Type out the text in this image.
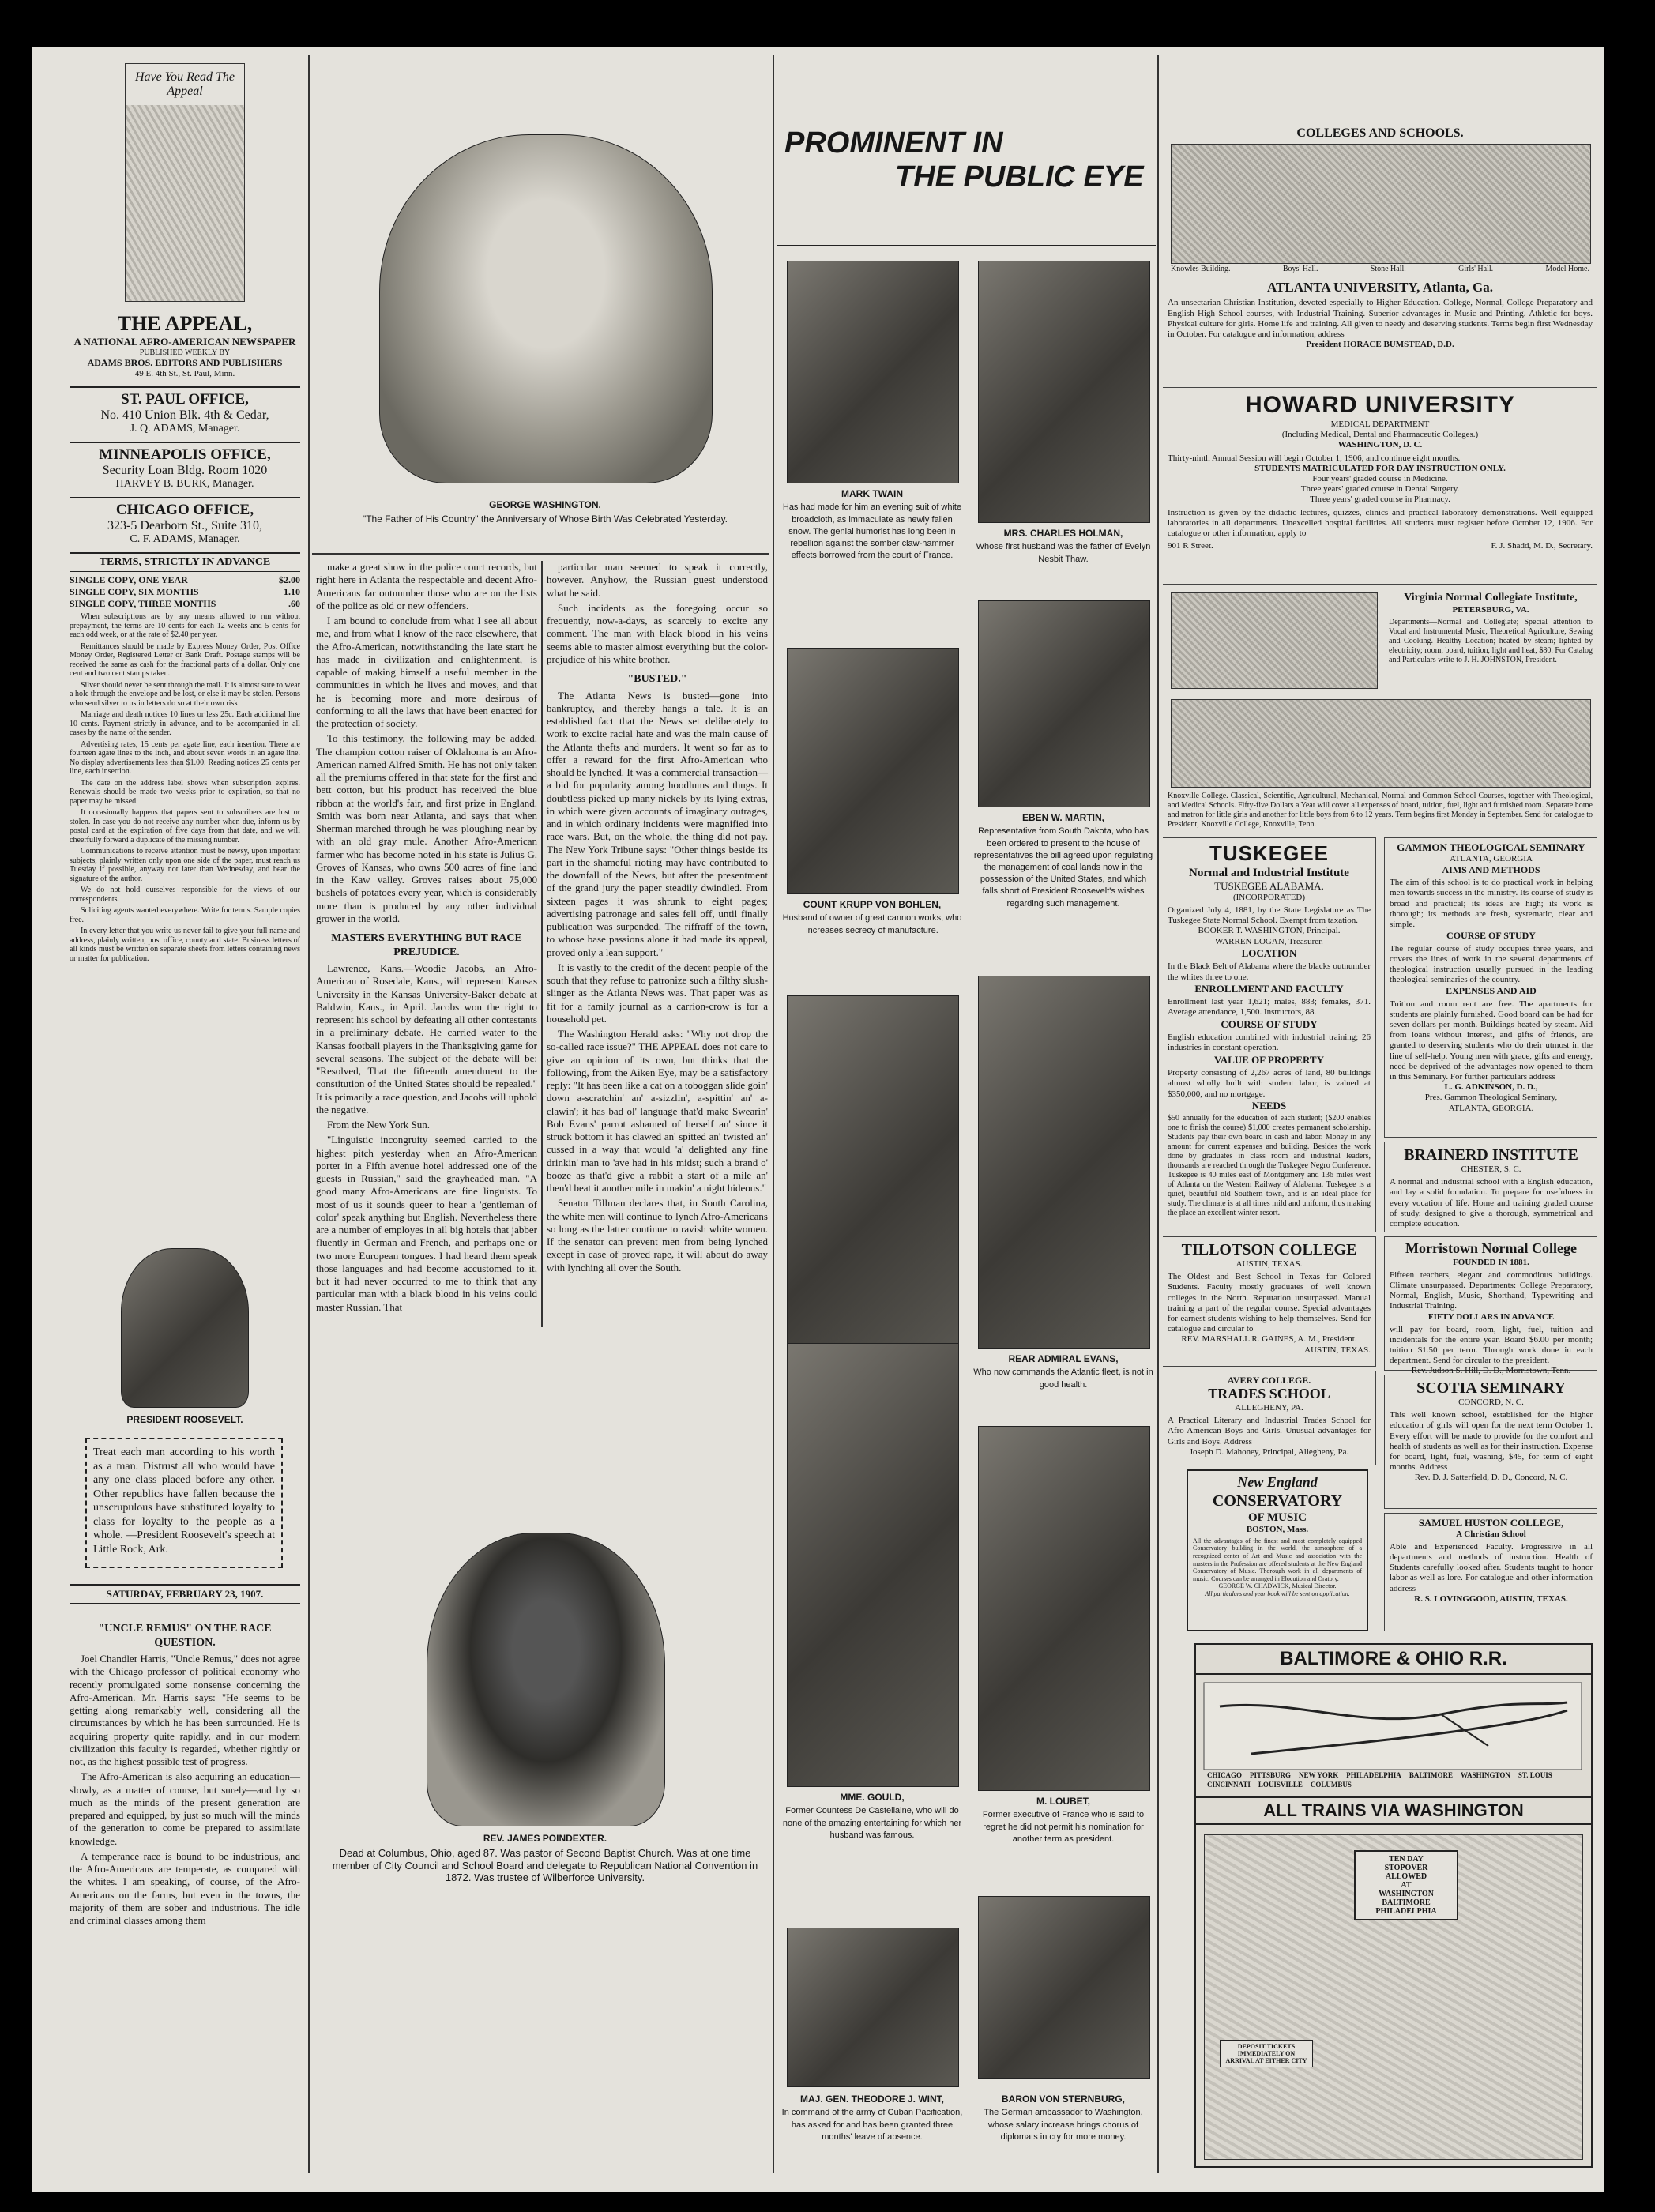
Have You Read The Appeal
THE APPEAL,
A NATIONAL AFRO-AMERICAN NEWSPAPER
PUBLISHED WEEKLY BY
ADAMS BROS. EDITORS AND PUBLISHERS
49 E. 4th St., St. Paul, Minn.
ST. PAUL OFFICE,
No. 410 Union Blk. 4th & Cedar,
J. Q. ADAMS, Manager.
MINNEAPOLIS OFFICE,
Security Loan Bldg. Room 1020
HARVEY B. BURK, Manager.
CHICAGO OFFICE,
323-5 Dearborn St., Suite 310,
C. F. ADAMS, Manager.
TERMS, STRICTLY IN ADVANCE
SINGLE COPY, ONE YEAR	$2.00
SINGLE COPY, SIX MONTHS	1.10
SINGLE COPY, THREE MONTHS	.60

When subscriptions are by any means allowed to run without prepayment, the terms are 10 cents for each 12 weeks and 5 cents for each odd week, or at the rate of $2.40 per year.

Remittances should be made by Express Money Order, Post Office Money Order, Registered Letter or Bank Draft. Postage stamps will be received the same as cash for the fractional parts of a dollar. Only one cent and two cent stamps taken.

Silver should never be sent through the mail. It is almost sure to wear a hole through the envelope and be lost, or else it may be stolen. Persons who send silver to us in letters do so at their own risk.

Marriage and death notices 10 lines or less 25c. Each additional line 10 cents. Payment strictly in advance, and to be accompanied in all cases by the name of the sender.

Advertising rates, 15 cents per agate line, each insertion. There are fourteen agate lines to the inch, and about seven words in an agate line. No display advertisements less than $1.00. Reading notices 25 cents per line, each insertion.

The date on the address label shows when subscription expires. Renewals should be made two weeks prior to expiration, so that no paper may be missed.

It occasionally happens that papers sent to subscribers are lost or stolen. In case you do not receive any number when due, inform us by postal card at the expiration of five days from that date, and we will cheerfully forward a duplicate of the missing number.

Communications to receive attention must be newsy, upon important subjects, plainly written only upon one side of the paper, must reach us Tuesday if possible, anyway not later than Wednesday, and bear the signature of the author.

We do not hold ourselves responsible for the views of our correspondents.

Soliciting agents wanted everywhere. Write for terms. Sample copies free.

In every letter that you write us never fail to give your full name and address, plainly written, post office, county and state. Business letters of all kinds must be written on separate sheets from letters containing news or matter for publication.

PRESIDENT ROOSEVELT.
Treat each man according to his worth as a man. Distrust all who would have any one class placed before any other. Other republics have fallen because the unscrupulous have substituted loyalty to class for loyalty to the people as a whole. —President Roosevelt's speech at Little Rock, Ark.
SATURDAY, FEBRUARY 23, 1907.
"UNCLE REMUS" ON THE RACE QUESTION.

Joel Chandler Harris, "Uncle Remus," does not agree with the Chicago professor of political economy who recently promulgated some nonsense concerning the Afro-American. Mr. Harris says: "He seems to be getting along remarkably well, considering all the circumstances by which he has been surrounded. He is acquiring property quite rapidly, and in our modern civilization this faculty is regarded, whether rightly or not, as the highest possible test of progress.

The Afro-American is also acquiring an education—slowly, as a matter of course, but surely—and by so much as the minds of the present generation are prepared and equipped, by just so much will the minds of the generation to come be prepared to assimilate knowledge.

A temperance race is bound to be industrious, and the Afro-Americans are temperate, as compared with the whites. I am speaking, of course, of the Afro-Americans on the farms, but even in the towns, the majority of them are sober and industrious. The idle and criminal classes among them

GEORGE WASHINGTON.
"The Father of His Country" the Anniversary of Whose Birth Was Celebrated Yesterday.

make a great show in the police court records, but right here in Atlanta the respectable and decent Afro-Americans far outnumber those who are on the lists of the police as old or new offenders.

I am bound to conclude from what I see all about me, and from what I know of the race elsewhere, that the Afro-American, notwithstanding the late start he has made in civilization and enlightenment, is capable of making himself a useful member in the communities in which he lives and moves, and that he is becoming more and more desirous of conforming to all the laws that have been enacted for the protection of society.

To this testimony, the following may be added. The champion cotton raiser of Oklahoma is an Afro-American named Alfred Smith. He has not only taken all the premiums offered in that state for the first and bett cotton, but his product has received the blue ribbon at the world's fair, and first prize in England. Smith was born near Atlanta, and says that when Sherman marched through he was ploughing near by with an old gray mule. Another Afro-American farmer who has become noted in his state is Julius G. Groves of Kansas, who owns 500 acres of fine land in the Kaw valley. Groves raises about 75,000 bushels of potatoes every year, which is considerably more than is produced by any other individual grower in the world.

MASTERS EVERYTHING BUT RACE PREJUDICE.

Lawrence, Kans.—Woodie Jacobs, an Afro-American of Rosedale, Kans., will represent Kansas University in the Kansas University-Baker debate at Baldwin, Kans., in April. Jacobs won the right to represent his school by defeating all other contestants in a preliminary debate. He carried water to the Kansas football players in the Thanksgiving game for several seasons. The subject of the debate will be: "Resolved, That the fifteenth amendment to the constitution of the United States should be repealed." It is primarily a race question, and Jacobs will uphold the negative.

From the New York Sun.

"Linguistic incongruity seemed carried to the highest pitch yesterday when an Afro-American porter in a Fifth avenue hotel addressed one of the guests in Russian," said the grayheaded man. "A good many Afro-Americans are fine linguists. To most of us it sounds queer to hear a 'gentleman of color' speak anything but English. Nevertheless there are a number of employes in all big hotels that jabber fluently in German and French, and perhaps one or two more European tongues. I had heard them speak those languages and had become accustomed to it, but it had never occurred to me to think that any particular man with a black blood in his veins could master Russian. That

particular man seemed to speak it correctly, however. Anyhow, the Russian guest understood what he said.

Such incidents as the foregoing occur so frequently, now-a-days, as scarcely to excite any comment. The man with black blood in his veins seems able to master almost everything but the color-prejudice of his white brother.

"BUSTED."

The Atlanta News is busted—gone into bankruptcy, and thereby hangs a tale. It is an established fact that the News set deliberately to work to excite racial hate and was the main cause of the Atlanta thefts and murders. It went so far as to offer a reward for the first Afro-American who should be lynched. It was a commercial transaction—a bid for popularity among hoodlums and thugs. It doubtless picked up many nickels by its lying extras, in which were given accounts of imaginary outrages, and in which ordinary incidents were magnified into race wars. But, on the whole, the thing did not pay. The New York Tribune says: "Other things beside its part in the shameful rioting may have contributed to the downfall of the News, but after the presentment of the grand jury the paper steadily dwindled. From sixteen pages it was shrunk to eight pages; advertising patronage and sales fell off, until finally publication was surpended. The riffraff of the town, to whose base passions alone it had made its appeal, proved only a lean support."

It is vastly to the credit of the decent people of the south that they refuse to patronize such a filthy slush-slinger as the Atlanta News was. That paper was as fit for a family journal as a carrion-crow is for a household pet.

The Washington Herald asks: "Why not drop the so-called race issue?" THE APPEAL does not care to give an opinion of its own, but thinks that the following, from the Aiken Eye, may be a satisfactory reply: "It has been like a cat on a toboggan slide goin' down a-scratchin' an' a-sizzlin', a-spittin' an' a-clawin'; it has bad ol' language that'd make Swearin' Bob Evans' parrot ashamed of herself an' since it struck bottom it has clawed an' spitted an' twisted an' cussed in a way that would 'a' delighted any fine drinkin' man to 'ave had in his midst; such a brand o' booze as that'd give a rabbit a start of a mile an' then'd beat it another mile in makin' a night hideous."

Senator Tillman declares that, in South Carolina, the white men will continue to lynch Afro-Americans so long as the latter continue to ravish white women. If the senator can prevent men from being lynched except in case of proved rape, it will about do away with lynching all over the South.

REV. JAMES POINDEXTER.
Dead at Columbus, Ohio, aged 87. Was pastor of Second Baptist Church. Was at one time member of City Council and School Board and delegate to Republican National Convention in 1872. Was trustee of Wilberforce University.
PROMINENT IN
THE PUBLIC EYE
MARK TWAIN
Has had made for him an evening suit of white broadcloth, as immaculate as newly fallen snow. The genial humorist has long been in rebellion against the somber claw-hammer effects borrowed from the court of France.
MRS. CHARLES HOLMAN,
Whose first husband was the father of Evelyn Nesbit Thaw.
COUNT KRUPP VON BOHLEN,
Husband of owner of great cannon works, who increases secrecy of manufacture.
EBEN W. MARTIN,
Representative from South Dakota, who has been ordered to present to the house of representatives the bill agreed upon regulating the management of coal lands now in the possession of the United States, and which falls short of President Roosevelt's wishes regarding such management.
REAR ADMIRAL EVANS,
Who now commands the Atlantic fleet, is not in good health.
MME. GOULD,
Former Countess De Castellaine, who will do none of the amazing entertaining for which her husband was famous.
M. LOUBET,
Former executive of France who is said to regret he did not permit his nomination for another term as president.
MAJ. GEN. THEODORE J. WINT,
In command of the army of Cuban Pacification, has asked for and has been granted three months' leave of absence.
BARON VON STERNBURG,
The German ambassador to Washington, whose salary increase brings chorus of diplomats in cry for more money.
COLLEGES AND SCHOOLS.
Knowles Building.	Boys' Hall.	Stone Hall.	Girls' Hall.	Model Home.
ATLANTA UNIVERSITY, Atlanta, Ga.
An unsectarian Christian Institution, devoted especially to Higher Education. College, Normal, College Preparatory and English High School courses, with Industrial Training. Superior advantages in Music and Printing. Athletic for boys. Physical culture for girls. Home life and training. All given to needy and deserving students. Terms begin first Wednesday in October. For catalogue and information, address
President HORACE BUMSTEAD, D.D.
HOWARD UNIVERSITY
MEDICAL DEPARTMENT
(Including Medical, Dental and Pharmaceutic Colleges.)
WASHINGTON, D. C.
Thirty-ninth Annual Session will begin October 1, 1906, and continue eight months.
STUDENTS MATRICULATED FOR DAY INSTRUCTION ONLY.
Four years' graded course in Medicine.
Three years' graded course in Dental Surgery.
Three years' graded course in Pharmacy.
Instruction is given by the didactic lectures, quizzes, clinics and practical laboratory demonstrations. Well equipped laboratories in all departments. Unexcelled hospital facilities. All students must register before October 12, 1906. For catalogue or other information, apply to
901 R Street.	F. J. Shadd, M. D., Secretary.
Virginia Normal Collegiate Institute,
PETERSBURG, VA.
Departments—Normal and Collegiate; Special attention to Vocal and Instrumental Music, Theoretical Agriculture, Sewing and Cooking. Healthy Location; heated by steam; lighted by electricity; room, board, tuition, light and heat, $80. For Catalog and Particulars write to J. H. JOHNSTON, President.
Knoxville College. Classical, Scientific, Agricultural, Mechanical, Normal and Common School Courses, together with Theological, and Medical Schools. Fifty-five Dollars a Year will cover all expenses of board, tuition, fuel, light and furnished room. Separate home and matron for little girls and another for little boys from 6 to 12 years. Term begins first Monday in September. Send for catalogue to President, Knoxville College, Knoxville, Tenn.
TUSKEGEE
Normal and Industrial Institute
TUSKEGEE ALABAMA.
(INCORPORATED)
Organized July 4, 1881, by the State Legislature as The Tuskegee State Normal School. Exempt from taxation.
BOOKER T. WASHINGTON, Principal.
WARREN LOGAN, Treasurer.
LOCATION
In the Black Belt of Alabama where the blacks outnumber the whites three to one.
ENROLLMENT AND FACULTY
Enrollment last year 1,621; males, 883; females, 371. Average attendance, 1,500. Instructors, 88.
COURSE OF STUDY
English education combined with industrial training; 26 industries in constant operation.
VALUE OF PROPERTY
Property consisting of 2,267 acres of land, 80 buildings almost wholly built with student labor, is valued at $350,000, and no mortgage.
NEEDS
$50 annually for the education of each student; ($200 enables one to finish the course) $1,000 creates permanent scholarship. Students pay their own board in cash and labor. Money in any amount for current expenses and building. Besides the work done by graduates in class room and industrial leaders, thousands are reached through the Tuskegee Negro Conference. Tuskegee is 40 miles east of Montgomery and 136 miles west of Atlanta on the Western Railway of Alabama. Tuskegee is a quiet, beautiful old Southern town, and is an ideal place for study. The climate is at all times mild and uniform, thus making the place an excellent winter resort.
TILLOTSON COLLEGE
AUSTIN, TEXAS.
The Oldest and Best School in Texas for Colored Students. Faculty mostly graduates of well known colleges in the North. Reputation unsurpassed. Manual training a part of the regular course. Special advantages for earnest students wishing to help themselves. Send for catalogue and circular to
REV. MARSHALL R. GAINES, A. M., President.
AUSTIN, TEXAS.
AVERY COLLEGE.
TRADES SCHOOL
ALLEGHENY, PA.
A Practical Literary and Industrial Trades School for Afro-American Boys and Girls. Unusual advantages for Girls and Boys. Address
Joseph D. Mahoney, Principal, Allegheny, Pa.
New England
CONSERVATORY
OF MUSIC
BOSTON, Mass.
All the advantages of the finest and most completely equipped Conservatory building in the world, the atmosphere of a recognized center of Art and Music and association with the masters in the Profession are offered students at the New England Conservatory of Music. Thorough work in all departments of music. Courses can be arranged in Elocution and Oratory.
GEORGE W. CHADWICK, Musical Director.
All particulars and year book will be sent on application.
GAMMON THEOLOGICAL SEMINARY
ATLANTA, GEORGIA
AIMS AND METHODS
The aim of this school is to do practical work in helping men towards success in the ministry. Its course of study is broad and practical; its ideas are high; its work is thorough; its methods are fresh, systematic, clear and simple.
COURSE OF STUDY
The regular course of study occupies three years, and covers the lines of work in the several departments of theological instruction usually pursued in the leading theological seminaries of the country.
EXPENSES AND AID
Tuition and room rent are free. The apartments for students are plainly furnished. Good board can be had for seven dollars per month. Buildings heated by steam. Aid from loans without interest, and gifts of friends, are granted to deserving students who do their utmost in the line of self-help. Young men with grace, gifts and energy, need be deprived of the advantages now opened to them in this Seminary. For further particulars address
L. G. ADKINSON, D. D.,
Pres. Gammon Theological Seminary,
ATLANTA, GEORGIA.
BRAINERD INSTITUTE
CHESTER, S. C.
A normal and industrial school with a English education, and lay a solid foundation. To prepare for usefulness in every vocation of life. Home and training graded course of study, designed to give a thorough, symmetrical and complete education.
Morristown Normal College
FOUNDED IN 1881.
Fifteen teachers, elegant and commodious buildings. Climate unsurpassed. Departments: College Preparatory, Normal, English, Music, Shorthand, Typewriting and Industrial Training.
FIFTY DOLLARS IN ADVANCE
will pay for board, room, light, fuel, tuition and incidentals for the entire year. Board $6.00 per month; tuition $1.50 per term. Through work done in each department. Send for circular to the president.
Rev. Judson S. Hill, D. D., Morristown, Tenn.
SCOTIA SEMINARY
CONCORD, N. C.
This well known school, established for the higher education of girls will open for the next term October 1. Every effort will be made to provide for the comfort and health of students as well as for their instruction. Expense for board, light, fuel, washing, $45, for term of eight months. Address
Rev. D. J. Satterfield, D. D., Concord, N. C.
SAMUEL HUSTON COLLEGE,
A Christian School
Able and Experienced Faculty. Progressive in all departments and methods of instruction. Health of Students carefully looked after. Students taught to honor labor as well as lore. For catalogue and other information address
R. S. LOVINGGOOD, AUSTIN, TEXAS.
BALTIMORE & OHIO R.R.
CHICAGO PITTSBURG NEW YORK PHILADELPHIA BALTIMORE WASHINGTON ST. LOUIS
CINCINNATI LOUISVILLE COLUMBUS
ALL TRAINS VIA WASHINGTON
TEN DAY
STOPOVER
ALLOWED
AT
WASHINGTON
BALTIMORE
PHILADELPHIA
DEPOSIT TICKETS IMMEDIATELY ON ARRIVAL AT EITHER CITY
